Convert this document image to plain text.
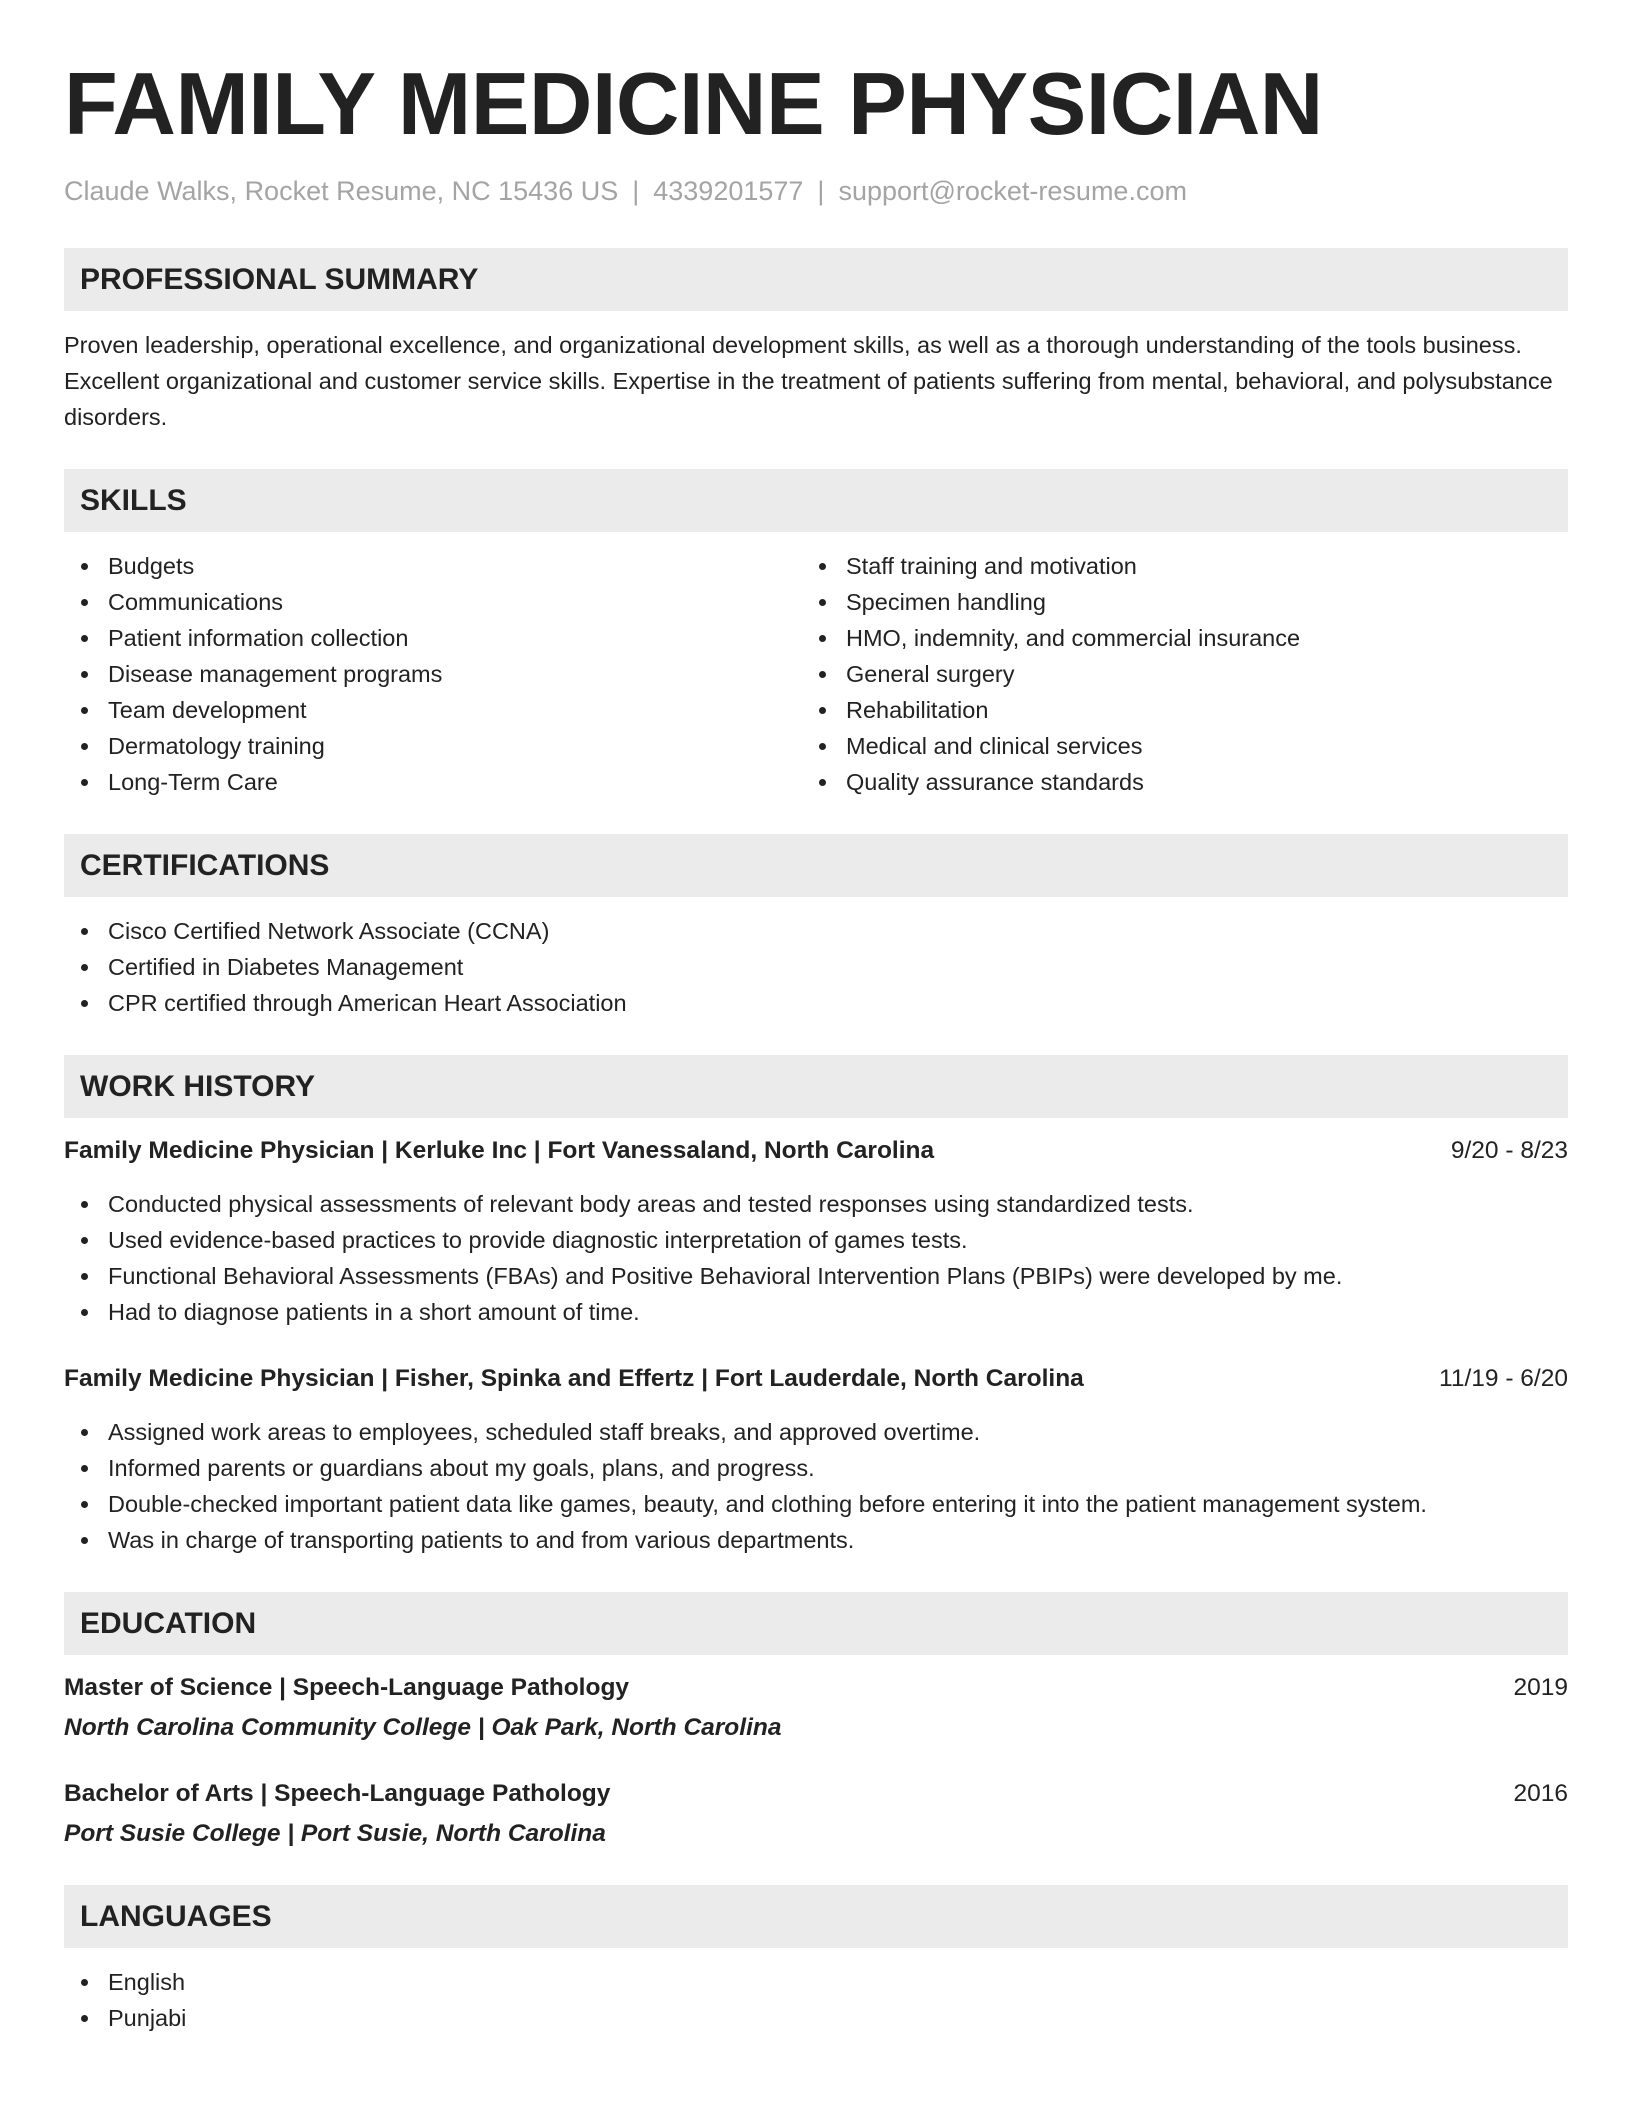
FAMILY MEDICINE PHYSICIAN
Claude Walks, Rocket Resume, NC 15436 US | 4339201577 | support@rocket-resume.com
PROFESSIONAL SUMMARY
Proven leadership, operational excellence, and organizational development skills, as well as a thorough understanding of the tools business. Excellent organizational and customer service skills. Expertise in the treatment of patients suffering from mental, behavioral, and polysubstance disorders.
SKILLS
Budgets
Communications
Patient information collection
Disease management programs
Team development
Dermatology training
Long-Term Care
Staff training and motivation
Specimen handling
HMO, indemnity, and commercial insurance
General surgery
Rehabilitation
Medical and clinical services
Quality assurance standards
CERTIFICATIONS
Cisco Certified Network Associate (CCNA)
Certified in Diabetes Management
CPR certified through American Heart Association
WORK HISTORY
Family Medicine Physician | Kerluke Inc | Fort Vanessaland, North Carolina	9/20 - 8/23
Conducted physical assessments of relevant body areas and tested responses using standardized tests.
Used evidence-based practices to provide diagnostic interpretation of games tests.
Functional Behavioral Assessments (FBAs) and Positive Behavioral Intervention Plans (PBIPs) were developed by me.
Had to diagnose patients in a short amount of time.
Family Medicine Physician | Fisher, Spinka and Effertz | Fort Lauderdale, North Carolina	11/19 - 6/20
Assigned work areas to employees, scheduled staff breaks, and approved overtime.
Informed parents or guardians about my goals, plans, and progress.
Double-checked important patient data like games, beauty, and clothing before entering it into the patient management system.
Was in charge of transporting patients to and from various departments.
EDUCATION
Master of Science | Speech-Language Pathology	2019
North Carolina Community College | Oak Park, North Carolina
Bachelor of Arts | Speech-Language Pathology	2016
Port Susie College | Port Susie, North Carolina
LANGUAGES
English
Punjabi
